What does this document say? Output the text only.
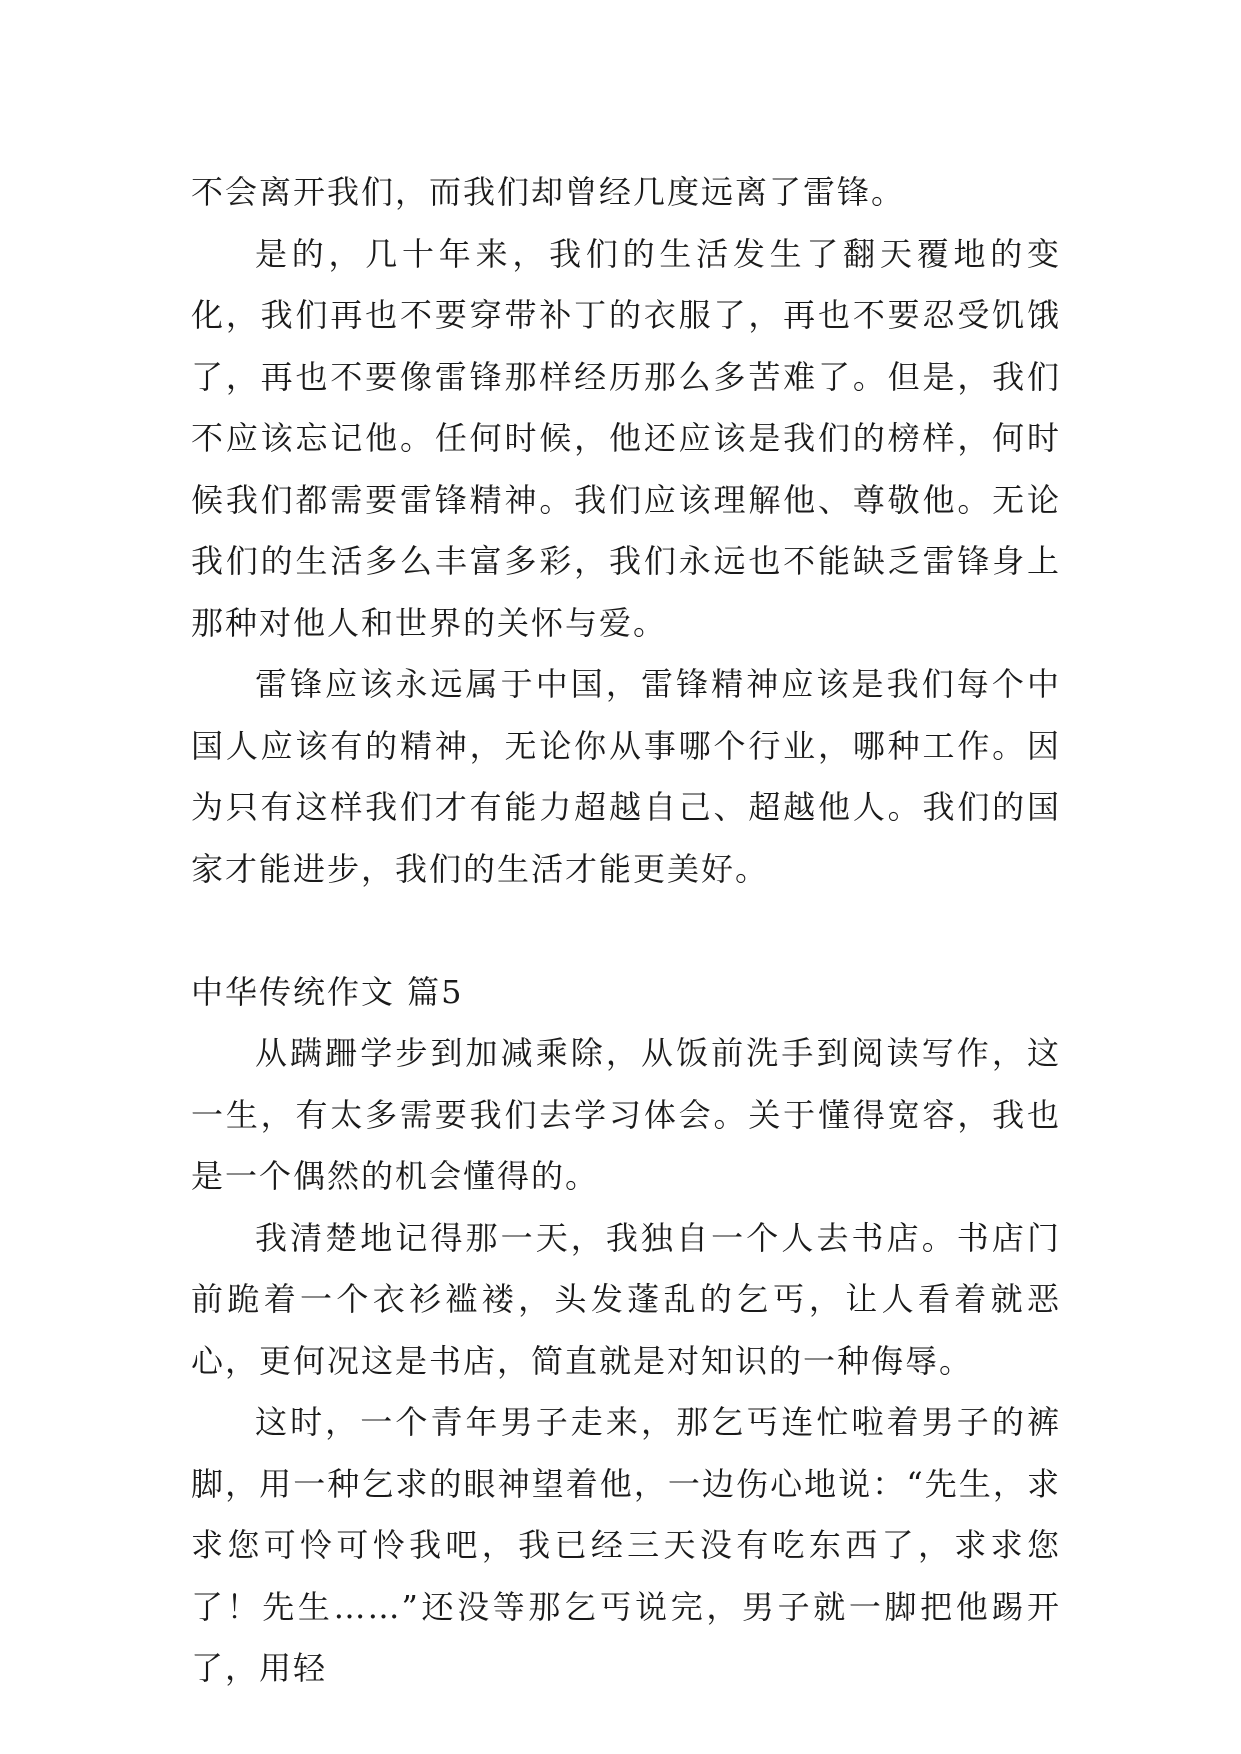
不会离开我们，而我们却曾经几度远离了雷锋。

是的，几十年来，我们的生活发生了翻天覆地的变化，我们再也不要穿带补丁的衣服了，再也不要忍受饥饿了，再也不要像雷锋那样经历那么多苦难了。但是，我们不应该忘记他。任何时候，他还应该是我们的榜样，何时候我们都需要雷锋精神。我们应该理解他、尊敬他。无论我们的生活多么丰富多彩，我们永远也不能缺乏雷锋身上那种对他人和世界的关怀与爱。

雷锋应该永远属于中国，雷锋精神应该是我们每个中国人应该有的精神，无论你从事哪个行业，哪种工作。因为只有这样我们才有能力超越自己、超越他人。我们的国家才能进步，我们的生活才能更美好。

中华传统作文 篇5

从蹒跚学步到加减乘除，从饭前洗手到阅读写作，这一生，有太多需要我们去学习体会。关于懂得宽容，我也是一个偶然的机会懂得的。

我清楚地记得那一天，我独自一个人去书店。书店门前跪着一个衣衫褴褛，头发蓬乱的乞丐，让人看着就恶心，更何况这是书店，简直就是对知识的一种侮辱。

这时，一个青年男子走来，那乞丐连忙啦着男子的裤脚，用一种乞求的眼神望着他，一边伤心地说：“先生，求求您可怜可怜我吧，我已经三天没有吃东西了，求求您了！先生……”还没等那乞丐说完，男子就一脚把他踢开了，用轻
